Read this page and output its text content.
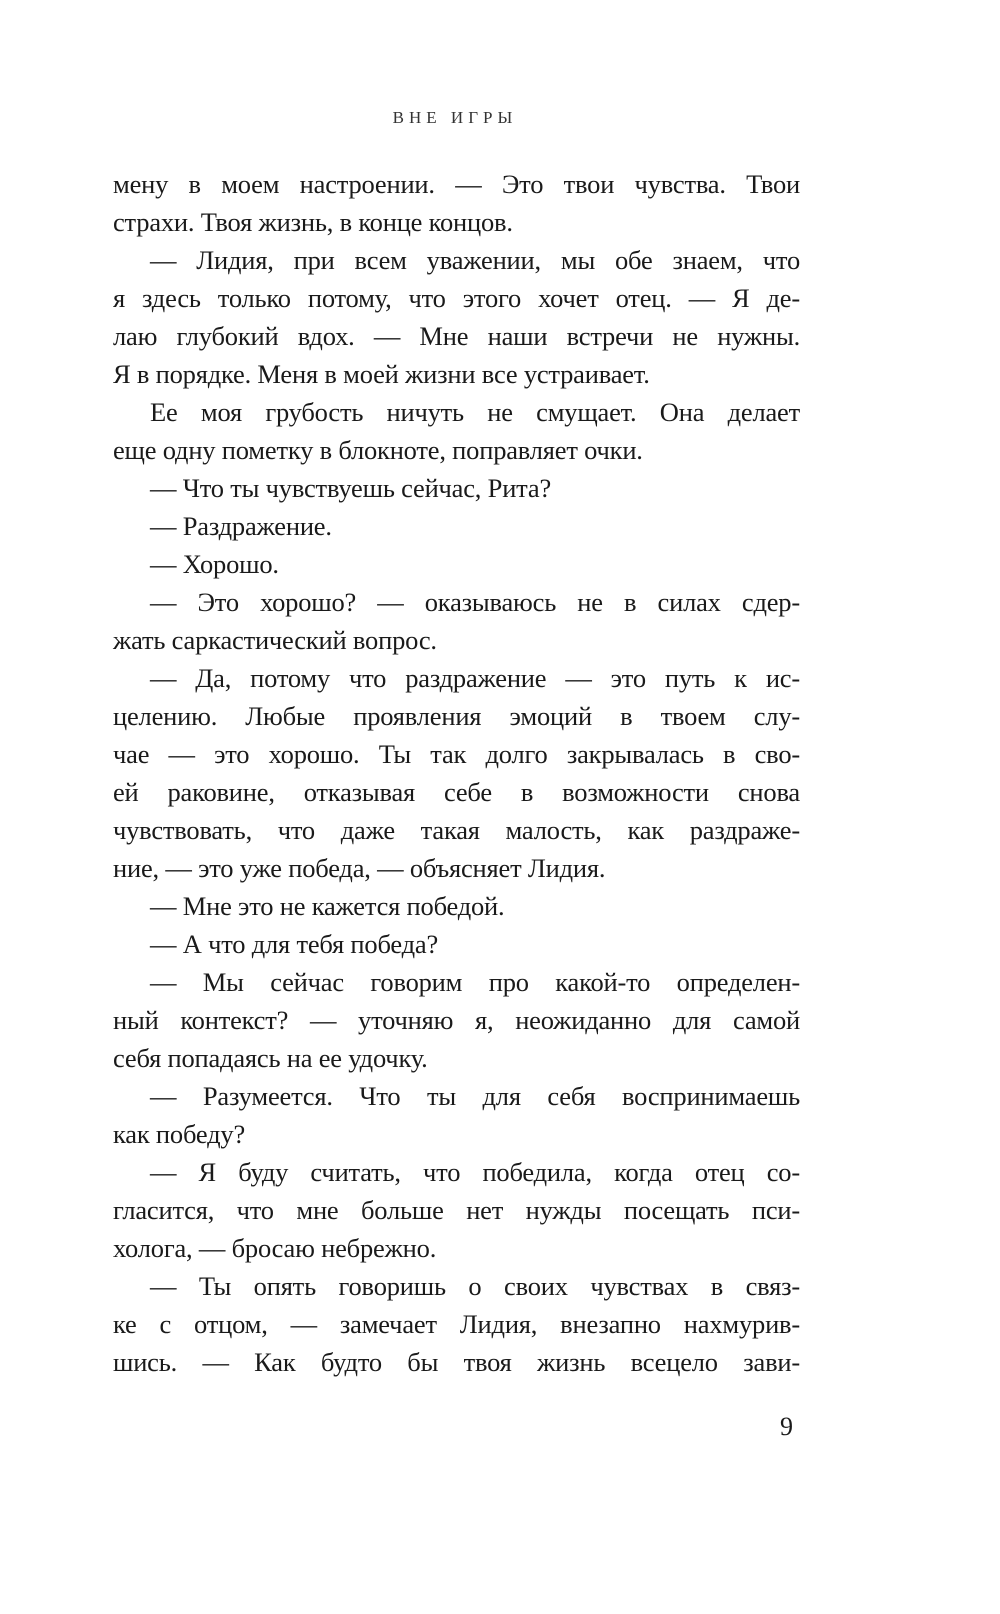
ВНЕ ИГРЫ
мену в моем настроении. — Это твои чувства. Твои
страхи. Твоя жизнь, в конце концов.
— Лидия, при всем уважении, мы обе знаем, что
я здесь только потому, что этого хочет отец. — Я де-
лаю глубокий вдох. — Мне наши встречи не нужны.
Я в порядке. Меня в моей жизни все устраивает.
Ее моя грубость ничуть не смущает. Она делает
еще одну пометку в блокноте, поправляет очки.
— Что ты чувствуешь сейчас, Рита?
— Раздражение.
— Хорошо.
— Это хорошо? — оказываюсь не в силах сдер-
жать саркастический вопрос.
— Да, потому что раздражение — это путь к ис-
целению. Любые проявления эмоций в твоем слу-
чае — это хорошо. Ты так долго закрывалась в сво-
ей раковине, отказывая себе в возможности снова
чувствовать, что даже такая малость, как раздраже-
ние, — это уже победа, — объясняет Лидия.
— Мне это не кажется победой.
— А что для тебя победа?
— Мы сейчас говорим про какой-то определен-
ный контекст? — уточняю я, неожиданно для самой
себя попадаясь на ее удочку.
— Разумеется. Что ты для себя воспринимаешь
как победу?
— Я буду считать, что победила, когда отец со-
гласится, что мне больше нет нужды посещать пси-
холога, — бросаю небрежно.
— Ты опять говоришь о своих чувствах в связ-
ке с отцом, — замечает Лидия, внезапно нахмурив-
шись. — Как будто бы твоя жизнь всецело зави-
9
